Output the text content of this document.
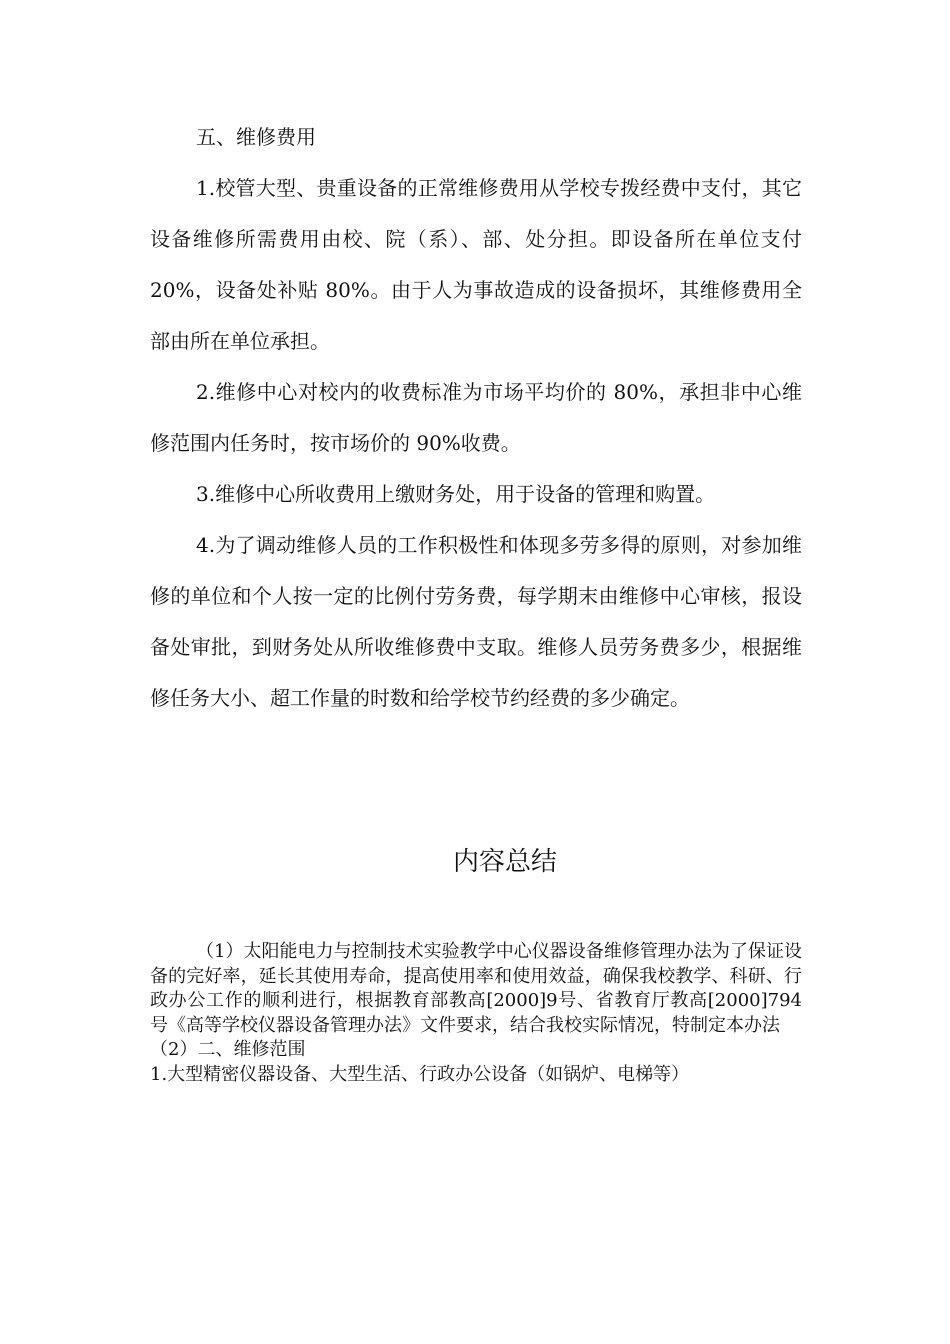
五、维修费用

1.校管大型、贵重设备的正常维修费用从学校专拨经费中支付，其它设备维修所需费用由校、院（系）、部、处分担。即设备所在单位支付 20%，设备处补贴 80%。由于人为事故造成的设备损坏，其维修费用全部由所在单位承担。

2.维修中心对校内的收费标准为市场平均价的 80%，承担非中心维修范围内任务时，按市场价的 90%收费。

3.维修中心所收费用上缴财务处，用于设备的管理和购置。

4.为了调动维修人员的工作积极性和体现多劳多得的原则，对参加维修的单位和个人按一定的比例付劳务费，每学期末由维修中心审核，报设备处审批，到财务处从所收维修费中支取。维修人员劳务费多少，根据维修任务大小、超工作量的时数和给学校节约经费的多少确定。

内容总结

（1）太阳能电力与控制技术实验教学中心仪器设备维修管理办法为了保证设备的完好率，延长其使用寿命，提高使用率和使用效益，确保我校教学、科研、行政办公工作的顺利进行，根据教育部教高[2000]9号、省教育厅教高[2000]794 号《高等学校仪器设备管理办法》文件要求，结合我校实际情况，特制定本办法

（2）二、维修范围

1.大型精密仪器设备、大型生活、行政办公设备（如锅炉、电梯等）
